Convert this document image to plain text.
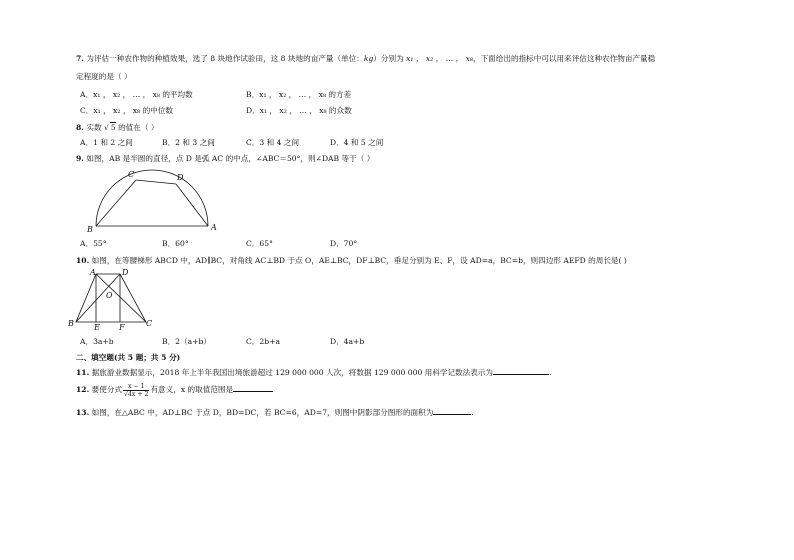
7. 为评估一种农作物的种植效果，选了 8 块地作试验田，这 8 块地的亩产量（单位：kg）分别为 x₁ ， x₂ ， … ， x₈，下面给出的指标中可以用来评估这种农作物亩产量稳
定程度的是（ ）
A．x₁ ， x₂ ， … ， x₈ 的平均数	B．x₁ ， x₂ ， … ， x₈ 的方差
C．x₁ ， x₂ ， x₈ 的中位数	D．x₁ ， x₂ ， … ， x₈ 的众数
8. 实数 √ 5 的值在（ ）
A．1 和 2 之间	B．2 和 3 之间	C．3 和 4 之间	D．4 和 5 之间
9. 如图，AB 是半圆的直径，点 D 是弧 AC 的中点，∠ABC＝50°，则∠DAB 等于（ ）
C	D
B	A
A．55°	B．60°	C．65°	D．70°
10. 如图，在等腰梯形 ABCD 中，AD∥BC，对角线 AC⊥BD 于点 O，AE⊥BC，DF⊥BC，垂足分别为 E、F，设 AD=a，BC=b，则四边形 AEFD 的周长是( )
A	D
O
B	E F	C
A．3a+b	B．2（a+b）	C．2b+a	D．4a+b
二、填空题(共 5 题；共 5 分)
11. 据旅游业数据显示，2018 年上半年我国出境旅游超过 129 000 000 人次，将数据 129 000 000 用科学记数法表示为	.
12. 要使分式 $\frac{x - 1}{√4x + 2}$ 有意义，x 的取值范围是
13. 如图，在△ABC 中，AD⊥BC 于点 D，BD=DC，若 BC=6，AD=7，则图中阴影部分图形的面积为	.
